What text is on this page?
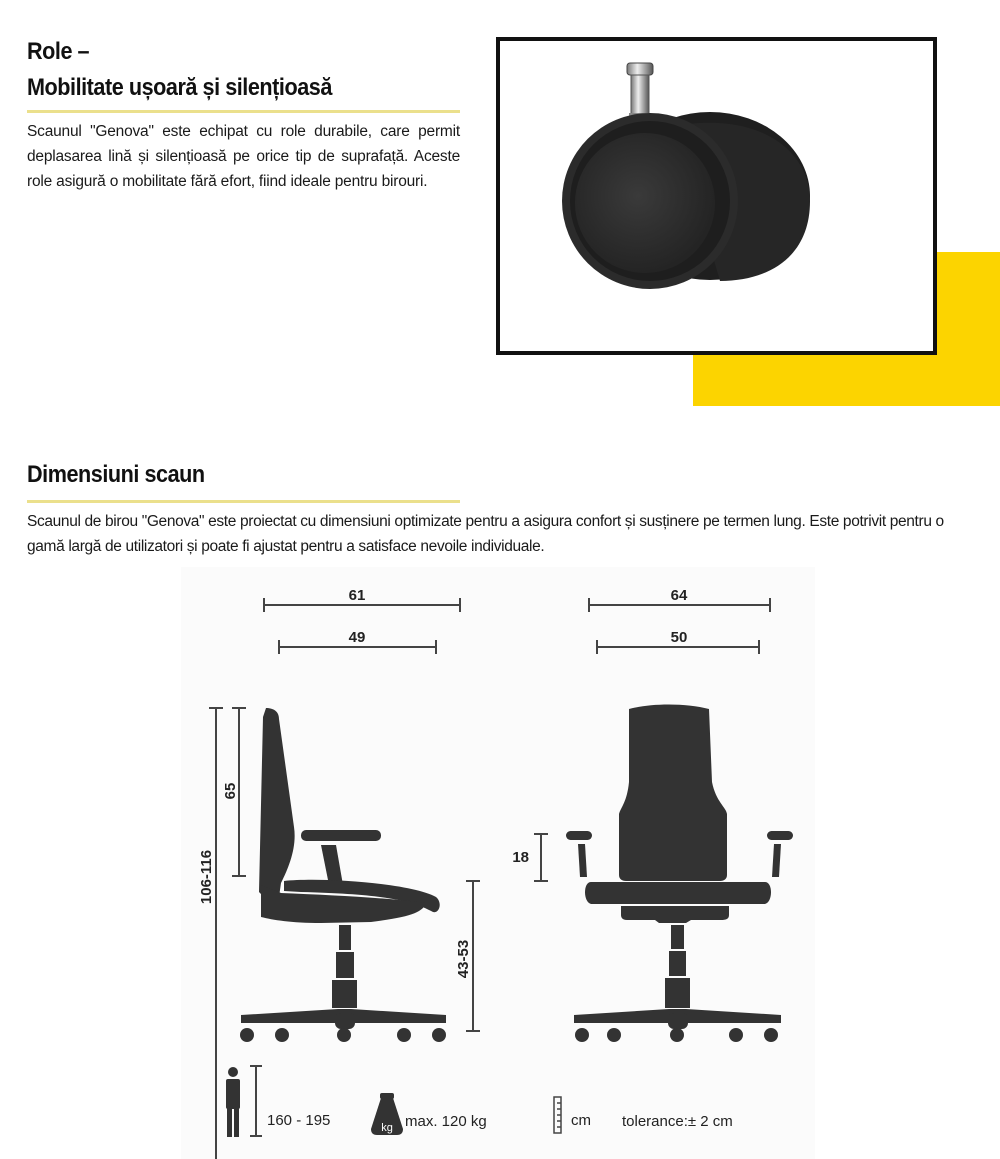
Role –
Mobilitate ușoară și silențioasă

Scaunul "Genova" este echipat cu role durabile, care permit deplasarea lină și silențioasă pe orice tip de suprafață. Aceste role asigură o mobilitate fără efort, fiind ideale pentru birouri.

Dimensiuni scaun

Scaunul de birou "Genova" este proiectat cu dimensiuni optimizate pentru a asigura confort și susținere pe termen lung. Este potrivit pentru o gamă largă de utilizatori și poate fi ajustat pentru a satisface nevoile individuale.

61
49
64
50
106-116
65
43-53
18
160 - 195	kg max. 120 kg	cm tolerance:± 2 cm
